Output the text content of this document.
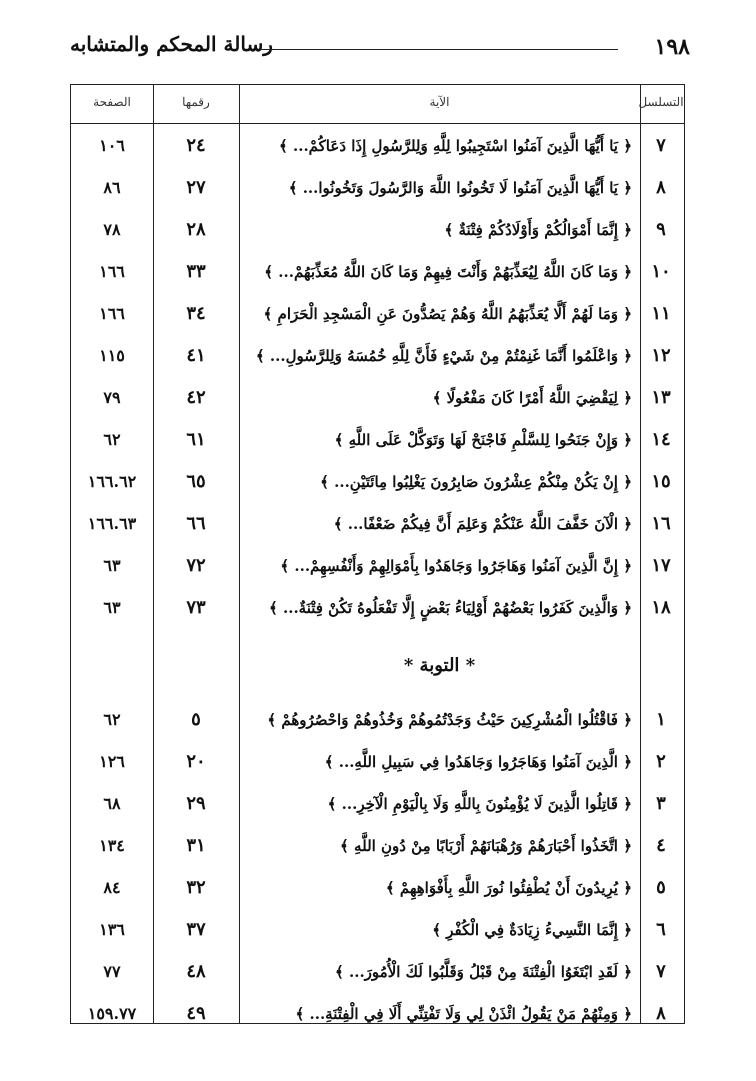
رسالة المحكم والمتشابه	١٩٨
التسلسل
الآية
رقمها
الصفحة
٧
﴿ يَا أَيُّهَا الَّذِينَ آمَنُوا اسْتَجِيبُوا لِلَّهِ وَلِلرَّسُولِ إِذَا دَعَاكُمْ... ﴾
٢٤
١٠٦
٨
﴿ يَا أَيُّهَا الَّذِينَ آمَنُوا لَا تَخُونُوا اللَّهَ وَالرَّسُولَ وَتَخُونُوا... ﴾
٢٧
٨٦
٩
﴿ إِنَّمَا أَمْوَالُكُمْ وَأَوْلَادُكُمْ فِتْنَةٌ ﴾
٢٨
٧٨
١٠
﴿ وَمَا كَانَ اللَّهُ لِيُعَذِّبَهُمْ وَأَنْتَ فِيهِمْ وَمَا كَانَ اللَّهُ مُعَذِّبَهُمْ... ﴾
٣٣
١٦٦
١١
﴿ وَمَا لَهُمْ أَلَّا يُعَذِّبَهُمُ اللَّهُ وَهُمْ يَصُدُّونَ عَنِ الْمَسْجِدِ الْحَرَامِ ﴾
٣٤
١٦٦
١٢
﴿ وَاعْلَمُوا أَنَّمَا غَنِمْتُمْ مِنْ شَيْءٍ فَأَنَّ لِلَّهِ خُمُسَهُ وَلِلرَّسُولِ... ﴾
٤١
١١٥
١٣
﴿ لِيَقْضِيَ اللَّهُ أَمْرًا كَانَ مَفْعُولًا ﴾
٤٢
٧٩
١٤
﴿ وَإِنْ جَنَحُوا لِلسَّلْمِ فَاجْنَحْ لَهَا وَتَوَكَّلْ عَلَى اللَّهِ ﴾
٦١
٦٢
١٥
﴿ إِنْ يَكُنْ مِنْكُمْ عِشْرُونَ صَابِرُونَ يَغْلِبُوا مِائَتَيْنِ... ﴾
٦٥
١٦٦.٦٢
١٦
﴿ الْآنَ خَفَّفَ اللَّهُ عَنْكُمْ وَعَلِمَ أَنَّ فِيكُمْ ضَعْفًا... ﴾
٦٦
١٦٦.٦٣
١٧
﴿ إِنَّ الَّذِينَ آمَنُوا وَهَاجَرُوا وَجَاهَدُوا بِأَمْوَالِهِمْ وَأَنْفُسِهِمْ... ﴾
٧٢
٦٣
١٨
﴿ وَالَّذِينَ كَفَرُوا بَعْضُهُمْ أَوْلِيَاءُ بَعْضٍ إِلَّا تَفْعَلُوهُ تَكُنْ فِتْنَةٌ... ﴾
٧٣
٦٣
* التوبة *
١
﴿ فَاقْتُلُوا الْمُشْرِكِينَ حَيْثُ وَجَدْتُمُوهُمْ وَخُذُوهُمْ وَاحْصُرُوهُمْ ﴾
٥
٦٢
٢
﴿ الَّذِينَ آمَنُوا وَهَاجَرُوا وَجَاهَدُوا فِي سَبِيلِ اللَّهِ... ﴾
٢٠
١٢٦
٣
﴿ قَاتِلُوا الَّذِينَ لَا يُؤْمِنُونَ بِاللَّهِ وَلَا بِالْيَوْمِ الْآخِرِ... ﴾
٢٩
٦٨
٤
﴿ اتَّخَذُوا أَحْبَارَهُمْ وَرُهْبَانَهُمْ أَرْبَابًا مِنْ دُونِ اللَّهِ ﴾
٣١
١٣٤
٥
﴿ يُرِيدُونَ أَنْ يُطْفِئُوا نُورَ اللَّهِ بِأَفْوَاهِهِمْ ﴾
٣٢
٨٤
٦
﴿ إِنَّمَا النَّسِيءُ زِيَادَةٌ فِي الْكُفْرِ ﴾
٣٧
١٣٦
٧
﴿ لَقَدِ ابْتَغَوُا الْفِتْنَةَ مِنْ قَبْلُ وَقَلَّبُوا لَكَ الْأُمُورَ... ﴾
٤٨
٧٧
٨
﴿ وَمِنْهُمْ مَنْ يَقُولُ ائْذَنْ لِي وَلَا تَفْتِنِّي أَلَا فِي الْفِتْنَةِ... ﴾
٤٩
١٥٩.٧٧
